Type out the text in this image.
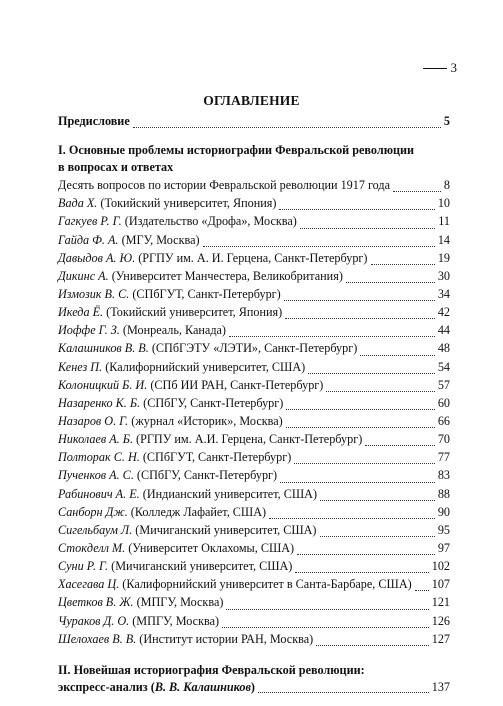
3
ОГЛАВЛЕНИЕ
Предисловие	5
I. Основные проблемы историографии Февральской революции
в вопросах и ответах
Десять вопросов по истории Февральской революции 1917 года	8
Вада Х. (Токийский университет, Япония)	10
Гагкуев Р. Г. (Издательство «Дрофа», Москва)	11
Гайда Ф. А. (МГУ, Москва)	14
Давыдов А. Ю. (РГПУ им. А. И. Герцена, Санкт-Петербург)	19
Дикинс А. (Университет Манчестера, Великобритания)	30
Измозик В. С. (СПбГУТ, Санкт-Петербург)	34
Икеда Ё. (Токийский университет, Япония)	42
Иоффе Г. З. (Монреаль, Канада)	44
Калашников В. В. (СПбГЭТУ «ЛЭТИ», Санкт-Петербург)	48
Кенез П. (Калифорнийский университет, США)	54
Колоницкий Б. И. (СПб ИИ РАН, Санкт-Петербург)	57
Назаренко К. Б. (СПбГУ, Санкт-Петербург)	60
Назаров О. Г. (журнал «Историк», Москва)	66
Николаев А. Б. (РГПУ им. А.И. Герцена, Санкт-Петербург)	70
Полторак С. Н. (СПбГУТ, Санкт-Петербург)	77
Пученков А. С. (СПбГУ, Санкт-Петербург)	83
Рабинович А. Е. (Индианский университет, США)	88
Санборн Дж. (Колледж Лафайет, США)	90
Сигельбаум Л. (Мичиганский университет, США)	95
Стокделл М. (Университет Оклахомы, США)	97
Суни Р. Г. (Мичиганский университет, США)	102
Хасегава Ц. (Калифорнийский университет в Санта-Барбаре, США) 107
Цветков В. Ж. (МПГУ, Москва)	121
Чураков Д. О. (МПГУ, Москва)	126
Шелохаев В. В. (Институт истории РАН, Москва)	127
II. Новейшая историография Февральской революции:
экспресс-анализ (В. В. Калашников)	137
